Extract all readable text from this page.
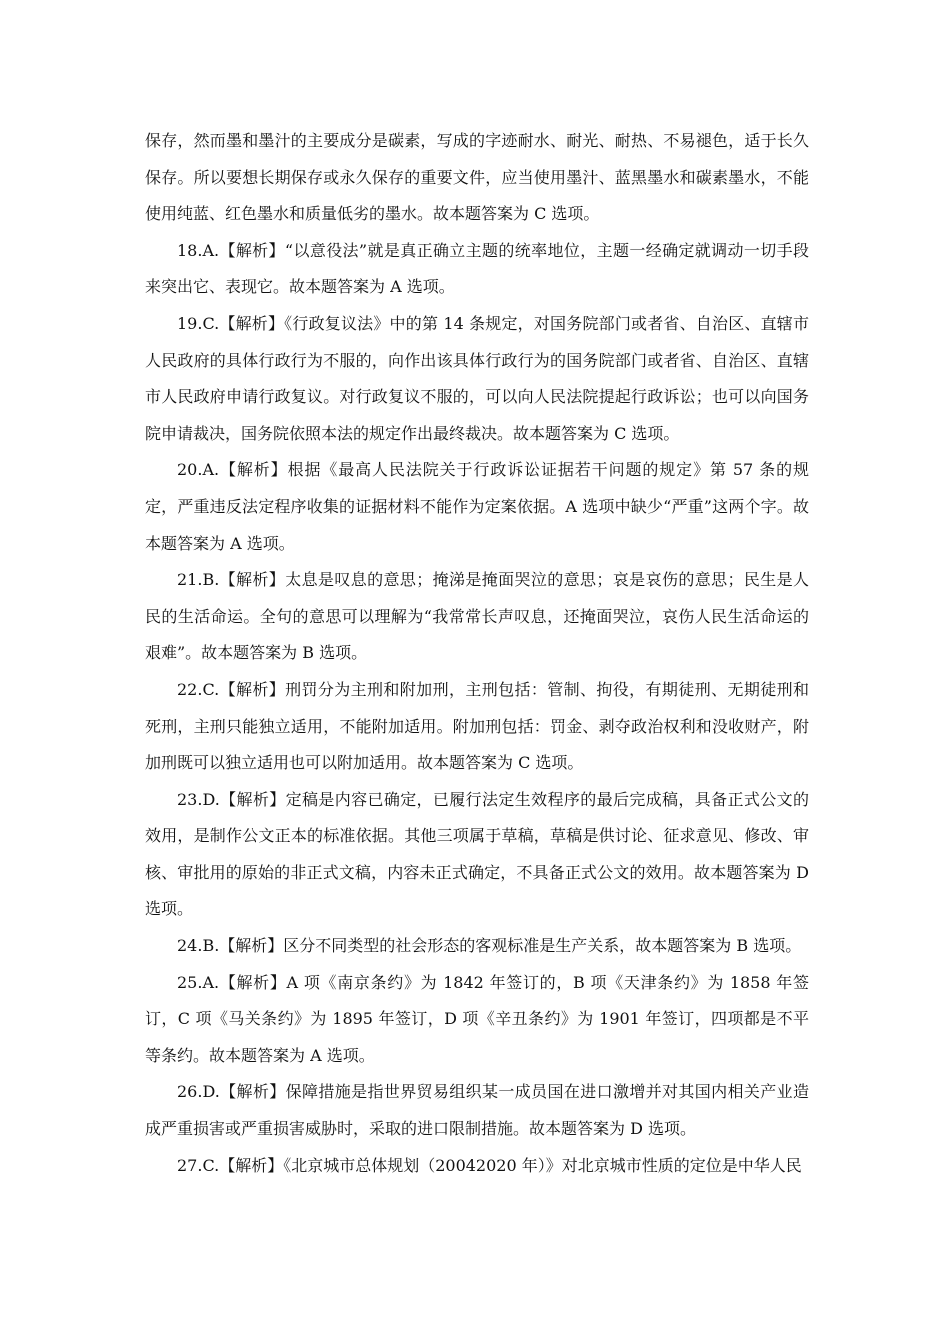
保存，然而墨和墨汁的主要成分是碳素，写成的字迹耐水、耐光、耐热、不易褪色，适于长久保存。所以要想长期保存或永久保存的重要文件，应当使用墨汁、蓝黑墨水和碳素墨水，不能使用纯蓝、红色墨水和质量低劣的墨水。故本题答案为 C 选项。

18.A.【解析】“以意役法”就是真正确立主题的统率地位，主题一经确定就调动一切手段来突出它、表现它。故本题答案为 A 选项。

19.C.【解析】《行政复议法》中的第 14 条规定，对国务院部门或者省、自治区、直辖市人民政府的具体行政行为不服的，向作出该具体行政行为的国务院部门或者省、自治区、直辖市人民政府申请行政复议。对行政复议不服的，可以向人民法院提起行政诉讼；也可以向国务院申请裁决，国务院依照本法的规定作出最终裁决。故本题答案为 C 选项。

20.A.【解析】根据《最高人民法院关于行政诉讼证据若干问题的规定》第 57 条的规定，严重违反法定程序收集的证据材料不能作为定案依据。A 选项中缺少“严重”这两个字。故本题答案为 A 选项。

21.B.【解析】太息是叹息的意思；掩涕是掩面哭泣的意思；哀是哀伤的意思；民生是人民的生活命运。全句的意思可以理解为“我常常长声叹息，还掩面哭泣，哀伤人民生活命运的艰难”。故本题答案为 B 选项。

22.C.【解析】刑罚分为主刑和附加刑，主刑包括：管制、拘役，有期徒刑、无期徒刑和死刑，主刑只能独立适用，不能附加适用。附加刑包括：罚金、剥夺政治权利和没收财产，附加刑既可以独立适用也可以附加适用。故本题答案为 C 选项。

23.D.【解析】定稿是内容已确定，已履行法定生效程序的最后完成稿，具备正式公文的效用，是制作公文正本的标准依据。其他三项属于草稿，草稿是供讨论、征求意见、修改、审核、审批用的原始的非正式文稿，内容未正式确定，不具备正式公文的效用。故本题答案为 D 选项。

24.B.【解析】区分不同类型的社会形态的客观标准是生产关系，故本题答案为 B 选项。

25.A.【解析】A 项《南京条约》为 1842 年签订的，B 项《天津条约》为 1858 年签订，C 项《马关条约》为 1895 年签订，D 项《辛丑条约》为 1901 年签订，四项都是不平等条约。故本题答案为 A 选项。

26.D.【解析】保障措施是指世界贸易组织某一成员国在进口激增并对其国内相关产业造成严重损害或严重损害威胁时，采取的进口限制措施。故本题答案为 D 选项。

27.C.【解析】《北京城市总体规划（20042020 年）》对北京城市性质的定位是中华人民
